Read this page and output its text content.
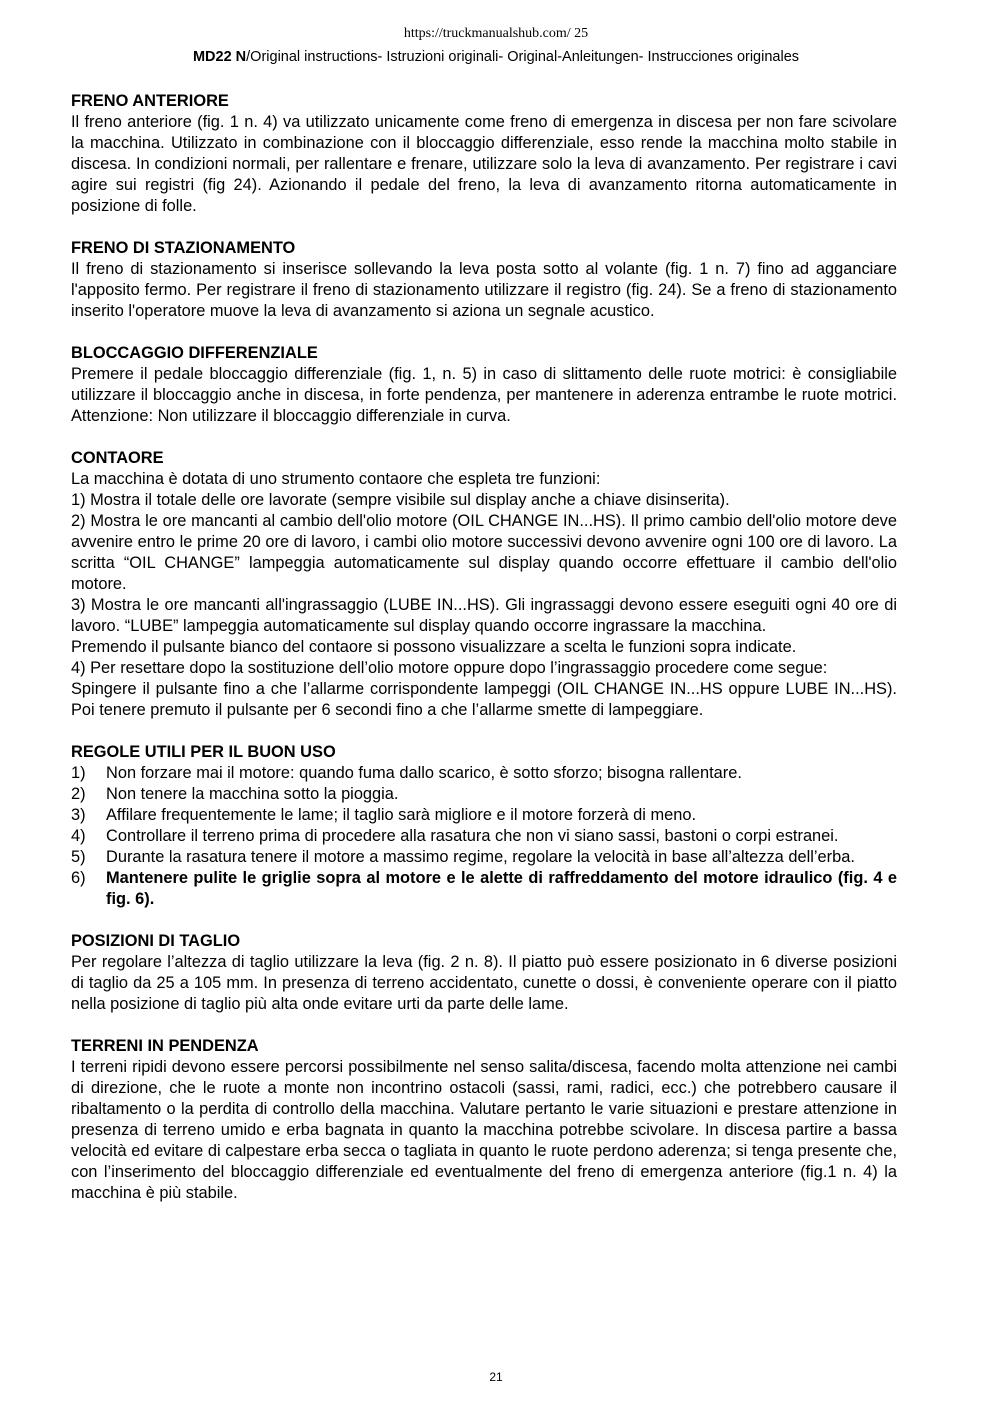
https://truckmanualshub.com/ 25
MD22 N/Original instructions- Istruzioni originali- Original-Anleitungen- Instrucciones originales
FRENO ANTERIORE

Il freno anteriore (fig. 1 n. 4) va utilizzato unicamente come freno di emergenza in discesa per non fare scivolare la macchina. Utilizzato in combinazione con il bloccaggio differenziale, esso rende la macchina molto stabile in discesa. In condizioni normali, per rallentare e frenare, utilizzare solo la leva di avanzamento. Per registrare i cavi agire sui registri (fig 24). Azionando il pedale del freno, la leva di avanzamento ritorna automaticamente in posizione di folle.

FRENO DI STAZIONAMENTO

Il freno di stazionamento si inserisce sollevando la leva posta sotto al volante (fig. 1 n. 7) fino ad agganciare l'apposito fermo. Per registrare il freno di stazionamento utilizzare il registro (fig. 24). Se a freno di stazionamento inserito l'operatore muove la leva di avanzamento si aziona un segnale acustico.

BLOCCAGGIO DIFFERENZIALE

Premere il pedale bloccaggio differenziale (fig. 1, n. 5) in caso di slittamento delle ruote motrici: è consigliabile utilizzare il bloccaggio anche in discesa, in forte pendenza, per mantenere in aderenza entrambe le ruote motrici. Attenzione: Non utilizzare il bloccaggio differenziale in curva.

CONTAORE

La macchina è dotata di uno strumento contaore che espleta tre funzioni:

1) Mostra il totale delle ore lavorate (sempre visibile sul display anche a chiave disinserita).

2) Mostra le ore mancanti al cambio dell'olio motore (OIL CHANGE IN...HS). Il primo cambio dell'olio motore deve avvenire entro le prime 20 ore di lavoro, i cambi olio motore successivi devono avvenire ogni 100 ore di lavoro. La scritta “OIL CHANGE” lampeggia automaticamente sul display quando occorre effettuare il cambio dell'olio motore.

3) Mostra le ore mancanti all'ingrassaggio (LUBE IN...HS). Gli ingrassaggi devono essere eseguiti ogni 40 ore di lavoro. “LUBE” lampeggia automaticamente sul display quando occorre ingrassare la macchina.

Premendo il pulsante bianco del contaore si possono visualizzare a scelta le funzioni sopra indicate.

4) Per resettare dopo la sostituzione dell’olio motore oppure dopo l’ingrassaggio procedere come segue:

Spingere il pulsante fino a che l’allarme corrispondente lampeggi (OIL CHANGE IN...HS oppure LUBE IN...HS). Poi tenere premuto il pulsante per 6 secondi fino a che l’allarme smette di lampeggiare.

REGOLE UTILI PER IL BUON USO
1)	Non forzare mai il motore: quando fuma dallo scarico, è sotto sforzo; bisogna rallentare.
2)	Non tenere la macchina sotto la pioggia.
3)	Affilare frequentemente le lame; il taglio sarà migliore e il motore forzerà di meno.
4)	Controllare il terreno prima di procedere alla rasatura che non vi siano sassi, bastoni o corpi estranei.
5)	Durante la rasatura tenere il motore a massimo regime, regolare la velocità in base all’altezza dell’erba.
6)	Mantenere pulite le griglie sopra al motore e le alette di raffreddamento del motore idraulico (fig. 4 e fig. 6).
POSIZIONI DI TAGLIO

Per regolare l’altezza di taglio utilizzare la leva (fig. 2 n. 8). Il piatto può essere posizionato in 6 diverse posizioni di taglio da 25 a 105 mm. In presenza di terreno accidentato, cunette o dossi, è conveniente operare con il piatto nella posizione di taglio più alta onde evitare urti da parte delle lame.

TERRENI IN PENDENZA

I terreni ripidi devono essere percorsi possibilmente nel senso salita/discesa, facendo molta attenzione nei cambi di direzione, che le ruote a monte non incontrino ostacoli (sassi, rami, radici, ecc.) che potrebbero causare il ribaltamento o la perdita di controllo della macchina. Valutare pertanto le varie situazioni e prestare attenzione in presenza di terreno umido e erba bagnata in quanto la macchina potrebbe scivolare. In discesa partire a bassa velocità ed evitare di calpestare erba secca o tagliata in quanto le ruote perdono aderenza; si tenga presente che, con l’inserimento del bloccaggio differenziale ed eventualmente del freno di emergenza anteriore (fig.1 n. 4) la macchina è più stabile.

21
